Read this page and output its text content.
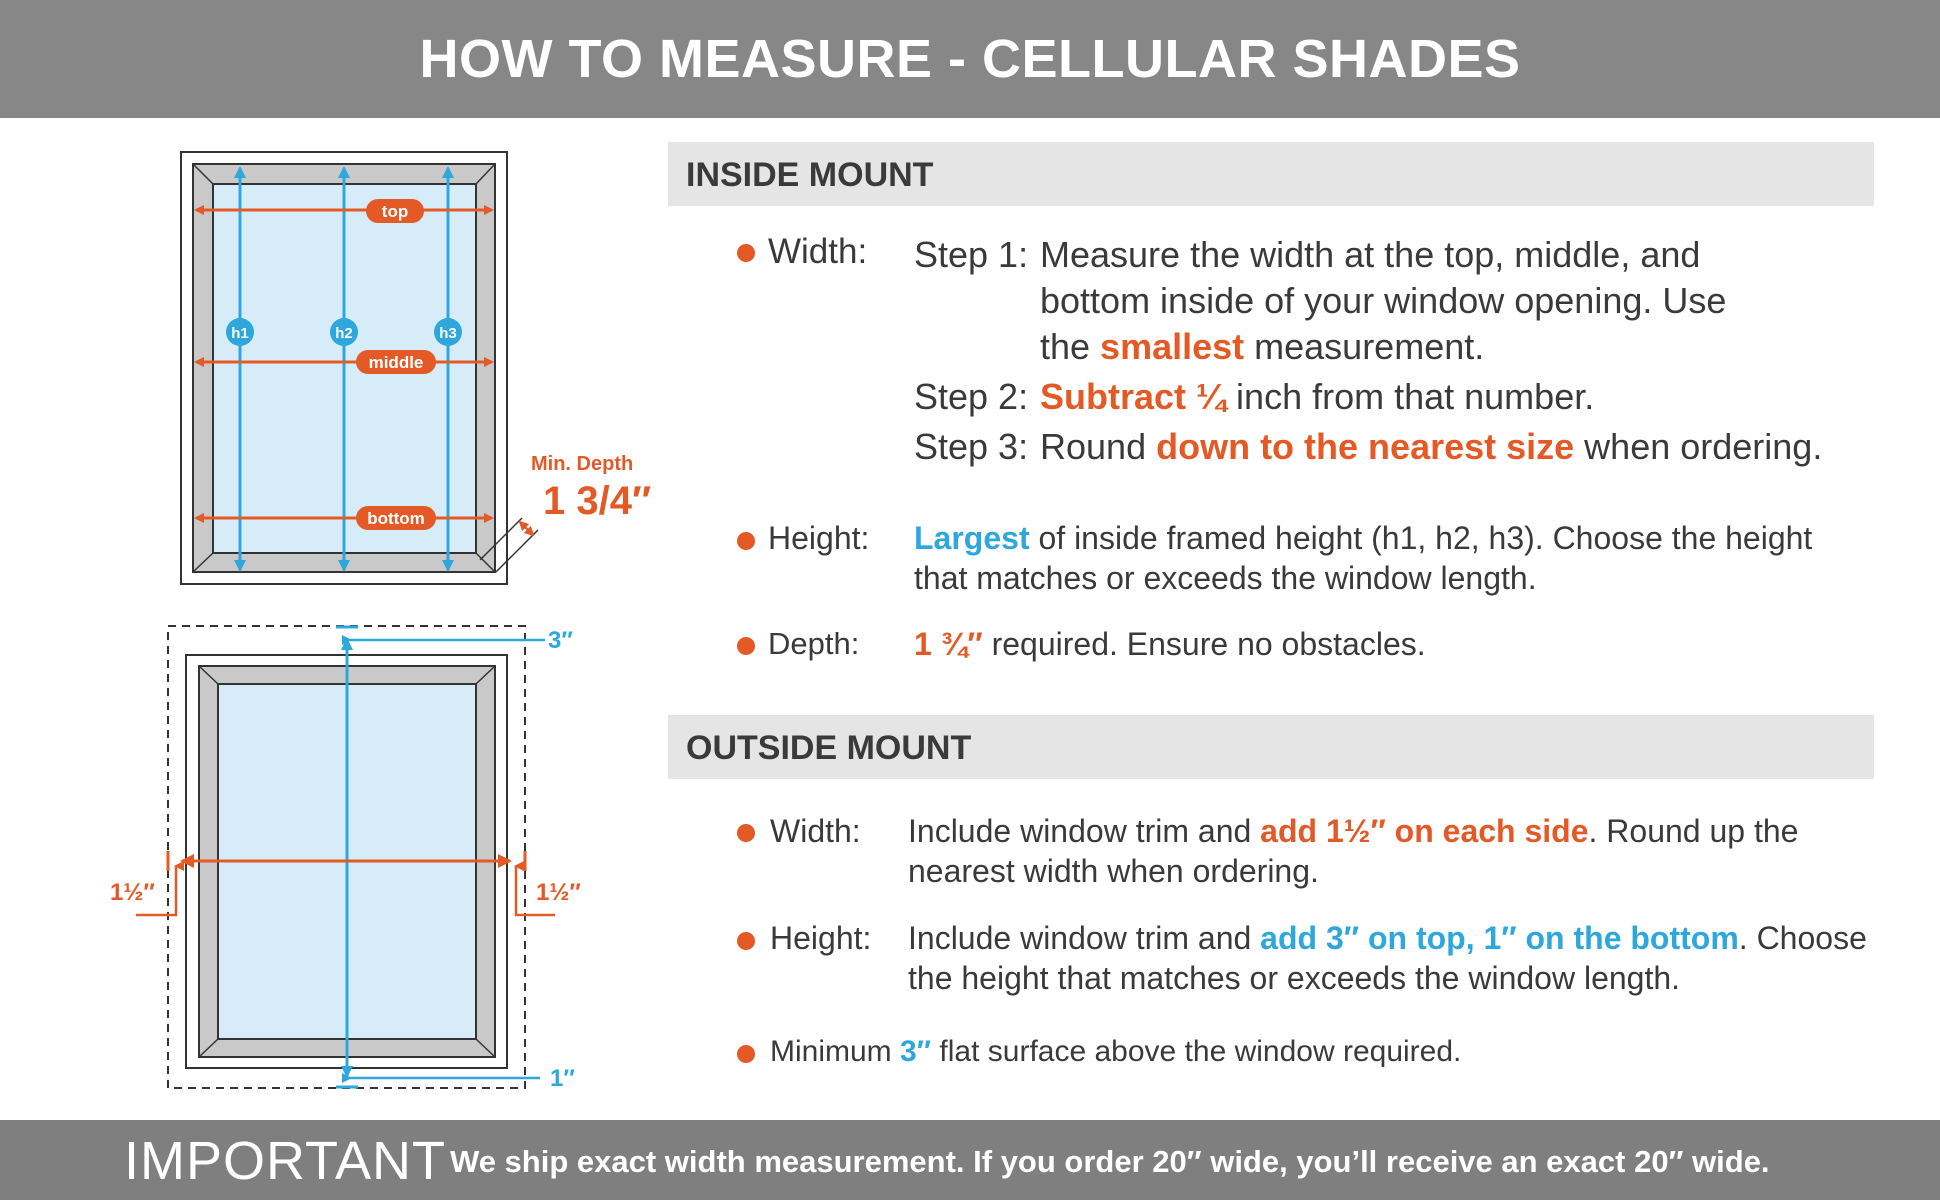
HOW TO MEASURE - CELLULAR SHADES
top
middle
bottom
h1	h2	h3
Min. Depth
1 3/4″
3″
1″
1½″	1½″
INSIDE MOUNT
Width: Step 1: Measure the width at the top, middle, and
bottom inside of your window opening. Use
the smallest measurement.
Step 2: Subtract ¼ inch from that number.
Step 3: Round down to the nearest size when ordering.
Height: Largest of inside framed height (h1, h2, h3). Choose the height
that matches or exceeds the window length.
Depth: 1 ¾″ required. Ensure no obstacles.
OUTSIDE MOUNT
Width: Include window trim and add 1½″ on each side. Round up the
nearest width when ordering.
Height: Include window trim and add 3″ on top, 1″ on the bottom. Choose
the height that matches or exceeds the window length.
Minimum 3″ flat surface above the window required.
IMPORTANT We ship exact width measurement. If you order 20″ wide, you’ll receive an exact 20″ wide.
